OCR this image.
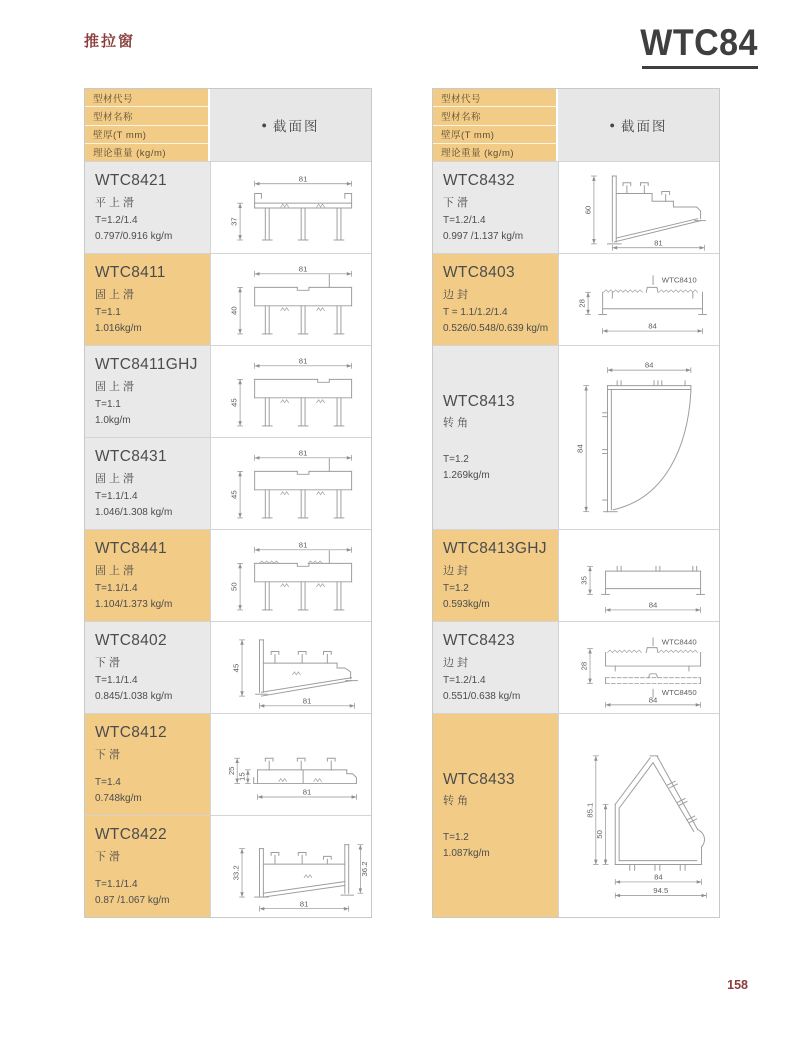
推拉窗	WTC84
型材代号
型材名称
壁厚(T mm)
理论重量 (kg/m)
● 截面图
WTC8421
平上滑
T=1.2/1.4
0.797/0.916 kg/m
81
37
WTC8411
固上滑
T=1.1
1.016kg/m
81
40
WTC8411GHJ
固上滑
T=1.1
1.0kg/m
81
45
WTC8431
固上滑
T=1.1/1.4
1.046/1.308 kg/m
81
45
WTC8441
固上滑
T=1.1/1.4
1.104/1.373 kg/m
81
50
WTC8402
下滑
T=1.1/1.4
0.845/1.038 kg/m
45
81
WTC8412
下滑
T=1.4
0.748kg/m
25
15
81
WTC8422
下滑
T=1.1/1.4
0.87 /1.067 kg/m
33.2	36.2
81
型材代号
型材名称
壁厚(T mm)
理论重量 (kg/m)
● 截面图
WTC8432
下滑
T=1.2/1.4
0.997 /1.137 kg/m
60
81
WTC8403
边封
T = 1.1/1.2/1.4
0.526/0.548/0.639 kg/m
WTC8410
28
84
WTC8413
转角
T=1.2
1.269kg/m
84
84
WTC8413GHJ
边封
T=1.2
0.593kg/m
35
84
WTC8423
边封
T=1.2/1.4
0.551/0.638 kg/m
WTC8440
WTC8450
28
84
WTC8433
转角
T=1.2
1.087kg/m
85.1
50
84
94.5
158
